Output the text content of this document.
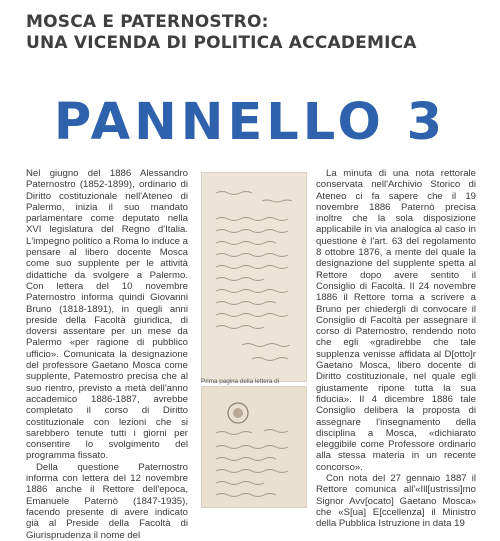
MOSCA E PATERNOSTRO:
UNA VICENDA DI POLITICA ACCADEMICA
PANNELLO 3

Nel giugno del 1886 Alessandro Paternostro (1852-1899), ordinario di Diritto costituzionale nell'Ateneo di Palermo, inizia il suo mandato parlamentare come deputato nella XVI legislatura del Regno d'Italia. L'impegno politico a Roma lo induce a pensare al libero docente Mosca come suo supplente per le attività didattiche da svolgere a Palermo. Con lettera del 10 novembre Paternostro informa quindi Giovanni Bruno (1818-1891), in quegli anni preside della Facoltà giuridica, di doversi assentare per un mese da Palermo «per ragione di pubblico ufficio». Comunicata la designazione del professore Gaetano Mosca come supplente, Paternostro precisa che al suo rientro, previsto a metà dell'anno accademico 1886-1887, avrebbe completato il corso di Diritto costituzionale con lezioni che si sarebbero tenute tutti i giorni per consentire lo svolgimento del programma fissato.

Della questione Paternostro informa con lettera del 12 novembre 1886 anche il Rettore dell'epoca, Emanuele Paternò (1847-1935), facendo presente di avere indicato già al Preside della Facoltà di Giurisprudenza il nome del

Prima pagina della lettera di

La minuta di una nota rettorale conservata nell'Archivio Storico di Ateneo ci fa sapere che il 19 novembre 1886 Paternò precisa inoltre che la sola disposizione applicabile in via analogica al caso in questione è l'art. 63 del regolamento 8 ottobre 1876, a mente del quale la designazione del supplente spetta al Rettore dopo avere sentito il Consiglio di Facoltà. Il 24 novembre 1886 il Rettore torna a scrivere a Bruno per chiedergli di convocare il Consiglio di Facoltà per assegnare il corso di Paternostro, rendendo noto che egli «gradirebbe che tale supplenza venisse affidata al D[otto]r Gaetano Mosca, libero docente di Diritto costituzionale, nel quale egli giustamente ripone tutta la sua fiducia». Il 4 dicembre 1886 tale Consiglio delibera la proposta di assegnare l'insegnamento della disciplina a Mosca, «dichiarato eleggibile come Professore ordinario alla stessa materia in un recente concorso».

Con nota del 27 gennaio 1887 il Rettore comunica all'«Ill[ustrissi]mo Signor Avv[ocato] Gaetano Mosca» che «S[ua] E[ccellenza] il Ministro della Pubblica Istruzione in data 19
